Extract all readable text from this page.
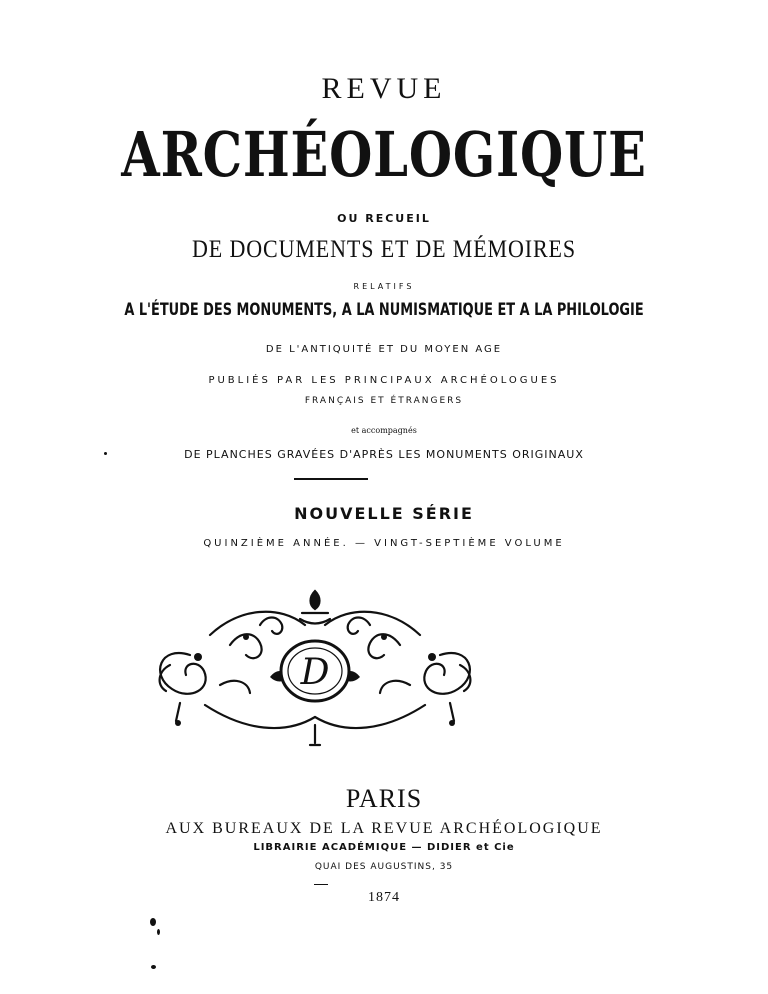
REVUE
ARCHÉOLOGIQUE
OU RECUEIL
DE DOCUMENTS ET DE MÉMOIRES
RELATIFS
A L'ÉTUDE DES MONUMENTS, A LA NUMISMATIQUE ET A LA PHILOLOGIE
DE L'ANTIQUITÉ ET DU MOYEN AGE
PUBLIÉS PAR LES PRINCIPAUX ARCHÉOLOGUES
FRANÇAIS ET ÉTRANGERS
et accompagnés
DE PLANCHES GRAVÉES D'APRÈS LES MONUMENTS ORIGINAUX
NOUVELLE SÉRIE
QUINZIÈME ANNÉE. — VINGT-SEPTIÈME VOLUME
D
PARIS
AUX BUREAUX DE LA REVUE ARCHÉOLOGIQUE
LIBRAIRIE ACADÉMIQUE — DIDIER et Cie
QUAI DES AUGUSTINS, 35
1874
